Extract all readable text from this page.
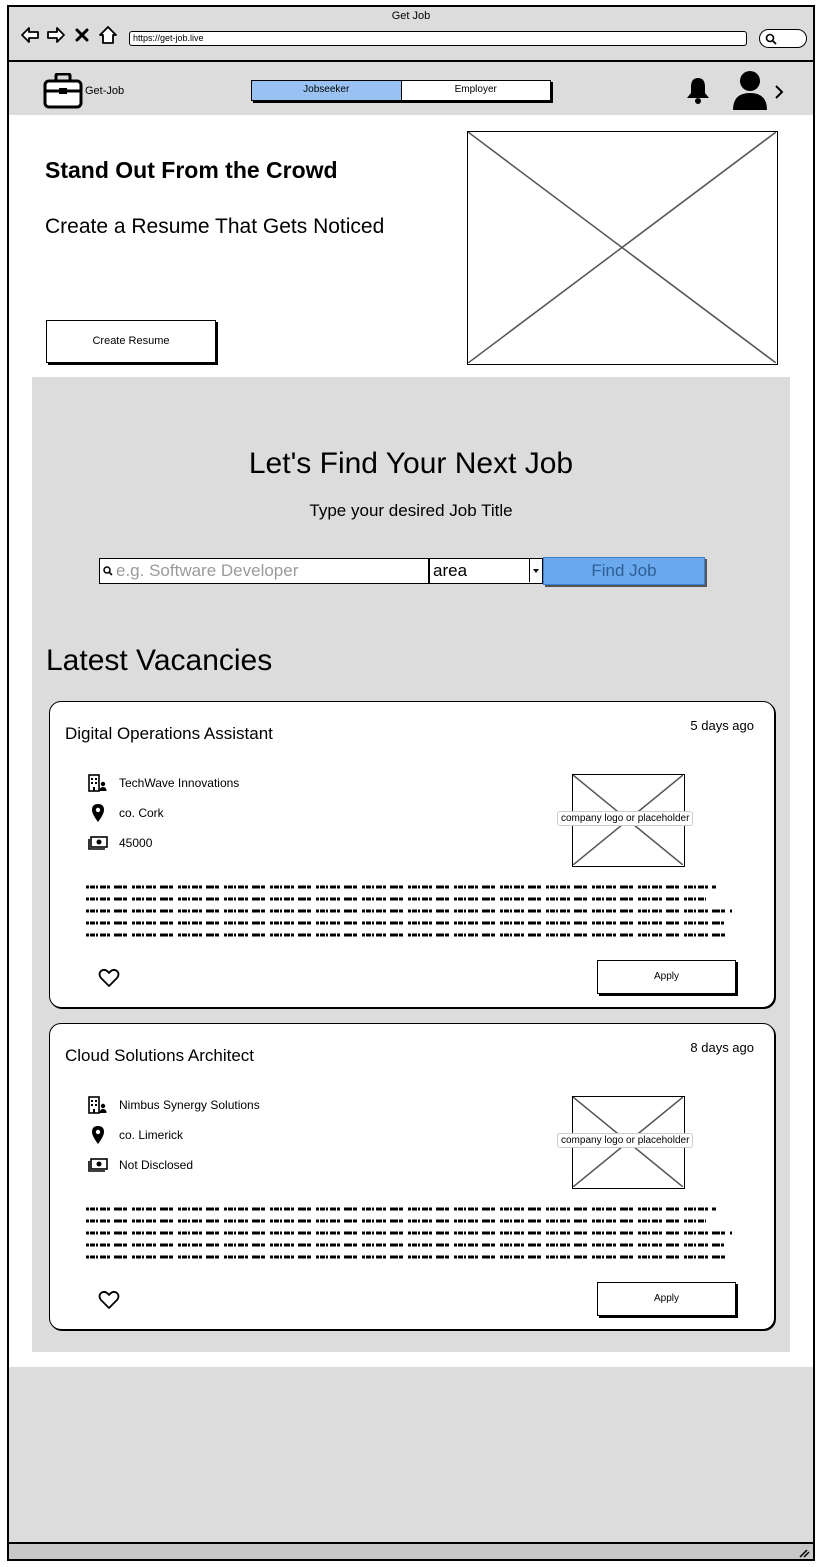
Get Job
https://get-job.live
Get-Job	Jobseeker	Employer
Stand Out From the Crowd
Create a Resume That Gets Noticed
Create Resume
Let's Find Your Next Job
Type your desired Job Title
e.g. Software Developer
area	Find Job
Latest Vacancies
Digital Operations Assistant	5 days ago
TechWave Innovations
co. Cork
45000
company logo or placeholder
Apply
Cloud Solutions Architect	8 days ago
Nimbus Synergy Solutions
co. Limerick
Not Disclosed
company logo or placeholder
Apply
